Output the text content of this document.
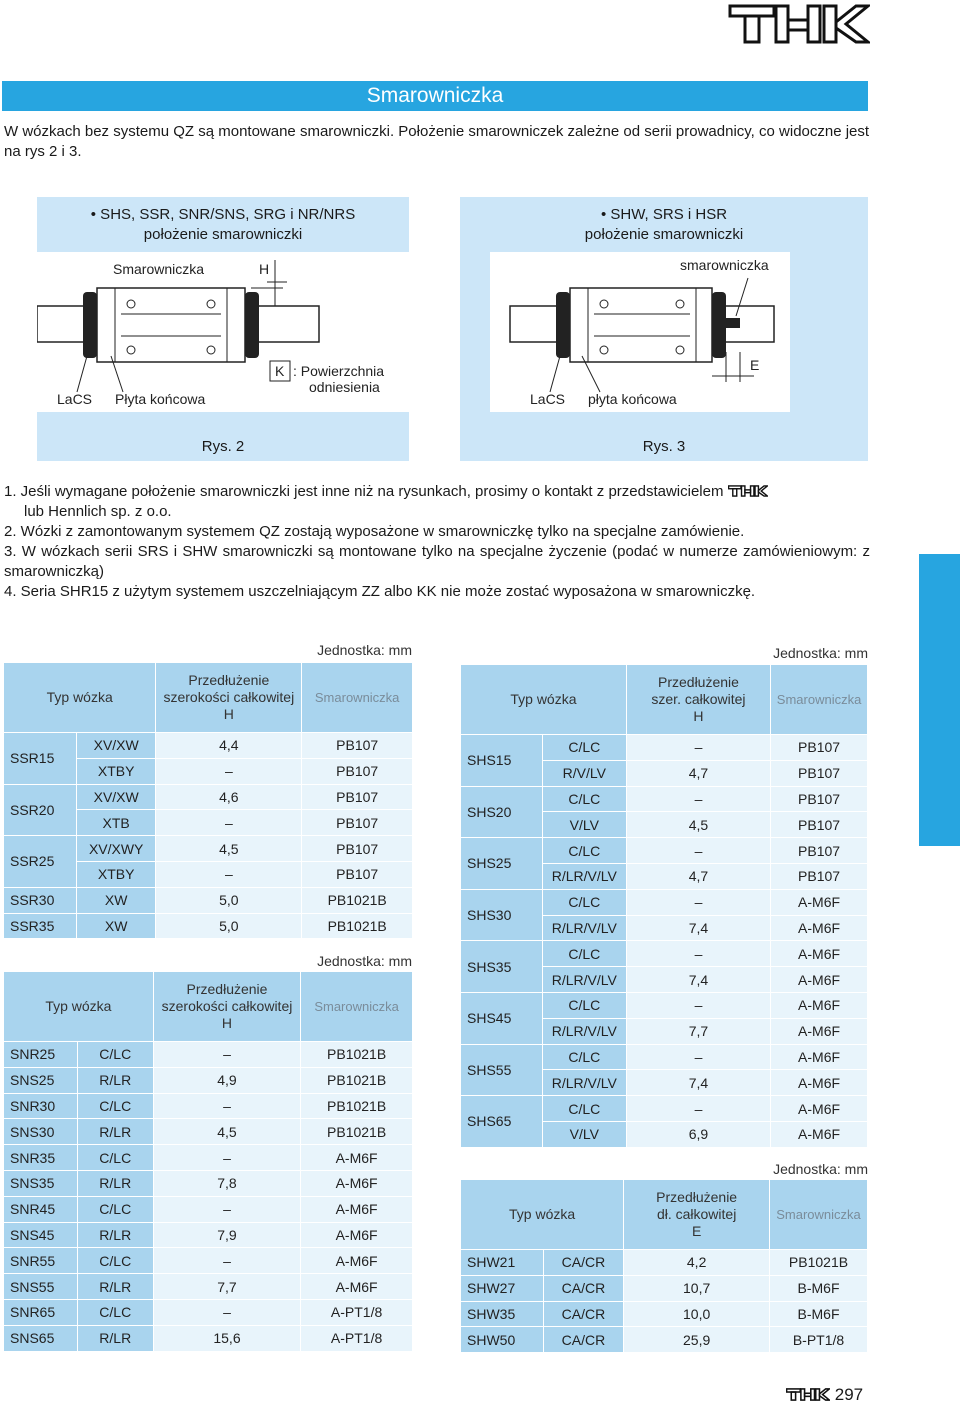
Smarowniczka

W wózkach bez systemu QZ są montowane smarowniczki. Położenie smarowniczek zależne od serii prowadnicy, co widoczne jest na rys 2 i 3.

• SHS, SSR, SNR/SNS, SRG i NR/NRS
położenie smarowniczki
Smarowniczka	H
K : Powierzchnia
odniesienia
LaCS Płyta końcowa
Rys. 2
• SHW, SRS i HSR
położenie smarowniczki
smarowniczka
E
LaCS płyta końcowa
Rys. 3

1. Jeśli wymagane położenie smarowniczki jest inne niż na rysunkach, prosimy o kontakt z przedstawicielem

lub Hennlich sp. z o.o.

2. Wózki z zamontowanym systemem QZ zostają wyposażone w smarowniczkę tylko na specjalne zamówienie.

3. W wózkach serii SRS i SHW smarowniczki są montowane tylko na specjalne życzenie (podać w numerze zamówieniowym: z smarowniczką)

4. Seria SHR15 z użytym systemem uszczelniającym ZZ albo KK nie może zostać wyposażona w smarowniczkę.

Jednostka: mm	Jednostka: mm
Jednostka: mm
Jednostka: mm
Typ wózka		Przedłużenie
szerokości całkowitej
H	Smarowniczka
SSR15	XV/XW	4,4	PB107
	XTBY	–	PB107
SSR20	XV/XW	4,6	PB107
	XTB	–	PB107
SSR25	XV/XWY	4,5	PB107
	XTBY	–	PB107
SSR30	XW	5,0	PB1021B
SSR35	XW	5,0	PB1021B
Typ wózka		Przedłużenie
szerokości całkowitej
H	Smarowniczka
SNR25	C/LC	–	PB1021B
SNS25	R/LR	4,9	PB1021B
SNR30	C/LC	–	PB1021B
SNS30	R/LR	4,5	PB1021B
SNR35	C/LC	–	A-M6F
SNS35	R/LR	7,8	A-M6F
SNR45	C/LC	–	A-M6F
SNS45	R/LR	7,9	A-M6F
SNR55	C/LC	–	A-M6F
SNS55	R/LR	7,7	A-M6F
SNR65	C/LC	–	A-PT1/8
SNS65	R/LR	15,6	A-PT1/8
Typ wózka		Przedłużenie
szer. całkowitej
H	Smarowniczka
SHS15	C/LC	–	PB107
	R/V/LV	4,7	PB107
SHS20	C/LC	–	PB107
	V/LV	4,5	PB107
SHS25	C/LC	–	PB107
	R/LR/V/LV	4,7	PB107
SHS30	C/LC	–	A-M6F
	R/LR/V/LV	7,4	A-M6F
SHS35	C/LC	–	A-M6F
	R/LR/V/LV	7,4	A-M6F
SHS45	C/LC	–	A-M6F
	R/LR/V/LV	7,7	A-M6F
SHS55	C/LC	–	A-M6F
	R/LR/V/LV	7,4	A-M6F
SHS65	C/LC	–	A-M6F
	V/LV	6,9	A-M6F
Typ wózka		Przedłużenie
dł. całkowitej
E	Smarowniczka
SHW21	CA/CR	4,2	PB1021B
SHW27	CA/CR	10,7	B-M6F
SHW35	CA/CR	10,0	B-M6F
SHW50	CA/CR	25,9	B-PT1/8
297
